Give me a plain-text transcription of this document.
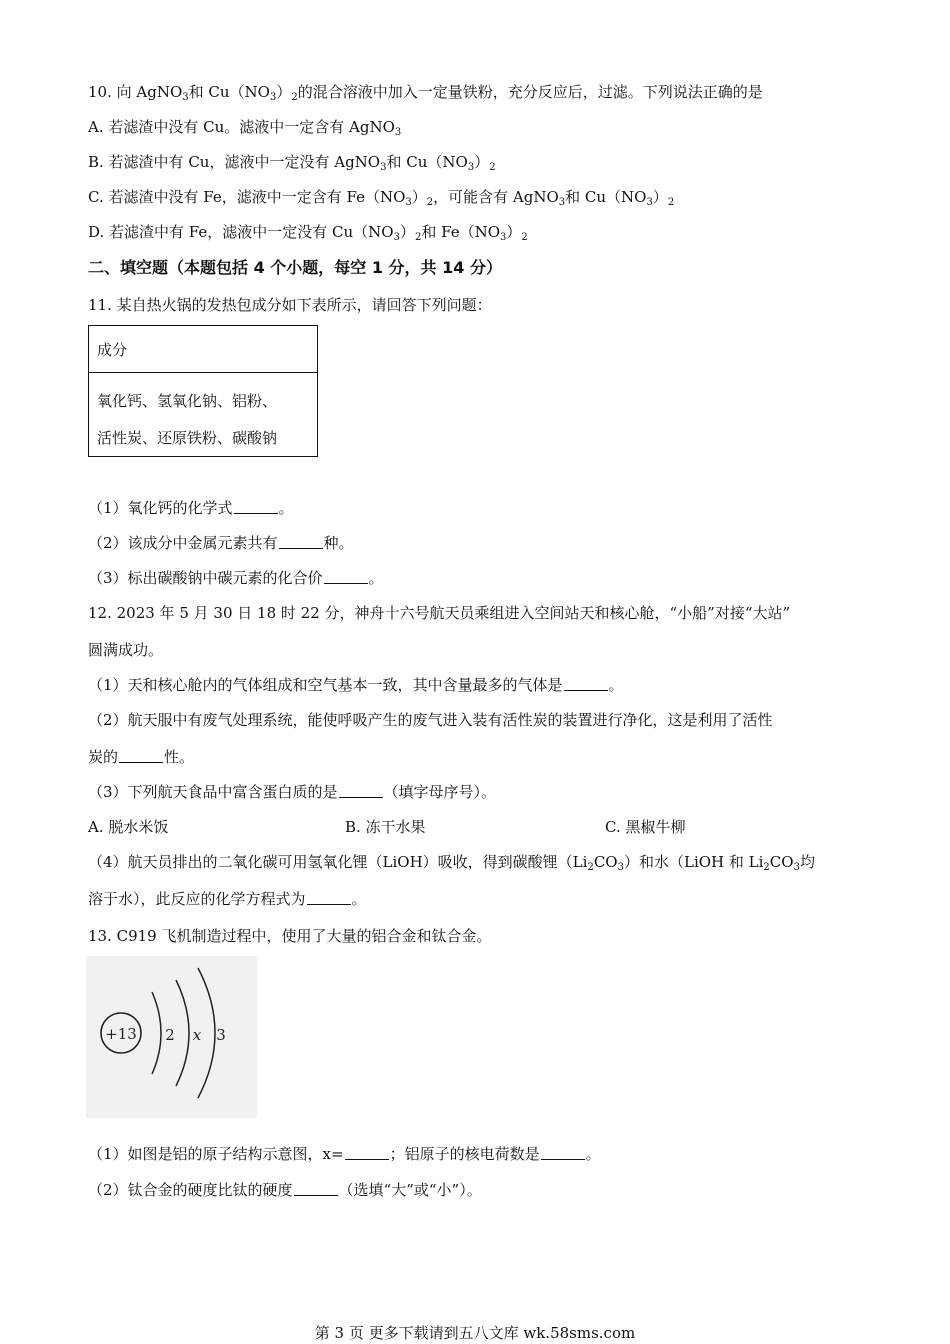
10. 向 AgNO$_3$和 $Cu(NO_3)_2$的混合溶液中加入一定量铁粉，充分反应后，过滤。下列说法正确的是
A. 若滤渣中没有 Cu。滤液中一定含有 AgNO$_3$
B. 若滤渣中有 Cu，滤液中一定没有 AgNO$_3$和 $Cu(NO_3)_2$
C. 若滤渣中没有 Fe，滤液中一定含有 $Fe(NO_3)_2$，可能含有 AgNO$_3$和 $Cu(NO_3)_2$
D. 若滤渣中有 Fe，滤液中一定没有 $Cu(NO_3)_2$和 $Fe(NO_3)_2$
二、填空题（本题包括 4 个小题，每空 1 分，共 14 分）
11. 某自热火锅的发热包成分如下表所示，请回答下列问题：
成分
氧化钙、氢氧化钠、铝粉、
活性炭、还原铁粉、碳酸钠
（1）氧化钙的化学式	。
（2）该成分中金属元素共有	种。
（3）标出碳酸钠中碳元素的化合价	。
12. 2023 年 5 月 30 日 18 时 22 分，神舟十六号航天员乘组进入空间站天和核心舱，“小船”对接“大站”
圆满成功。
（1）天和核心舱内的气体组成和空气基本一致，其中含量最多的气体是	。
（2）航天服中有废气处理系统，能使呼吸产生的废气进入装有活性炭的装置进行净化，这是利用了活性
炭的	性。
（3）下列航天食品中富含蛋白质的是	（填字母序号）。
A. 脱水米饭	B. 冻干水果	C. 黑椒牛柳
（4）航天员排出的二氧化碳可用氢氧化锂（LiOH）吸收，得到碳酸锂$(Li_2CO_3)$和水（LiOH 和 $Li_2CO_3$均
溶于水），此反应的化学方程式为	。
13. C919 飞机制造过程中，使用了大量的铝合金和钛合金。
+13 2 x 3
（1）如图是铝的原子结构示意图，x=	；铝原子的核电荷数是	。
（2）钛合金的硬度比钛的硬度	（选填“大”或“小”）。
第 3 页 更多下载请到五八文库 wk.58sms.com
